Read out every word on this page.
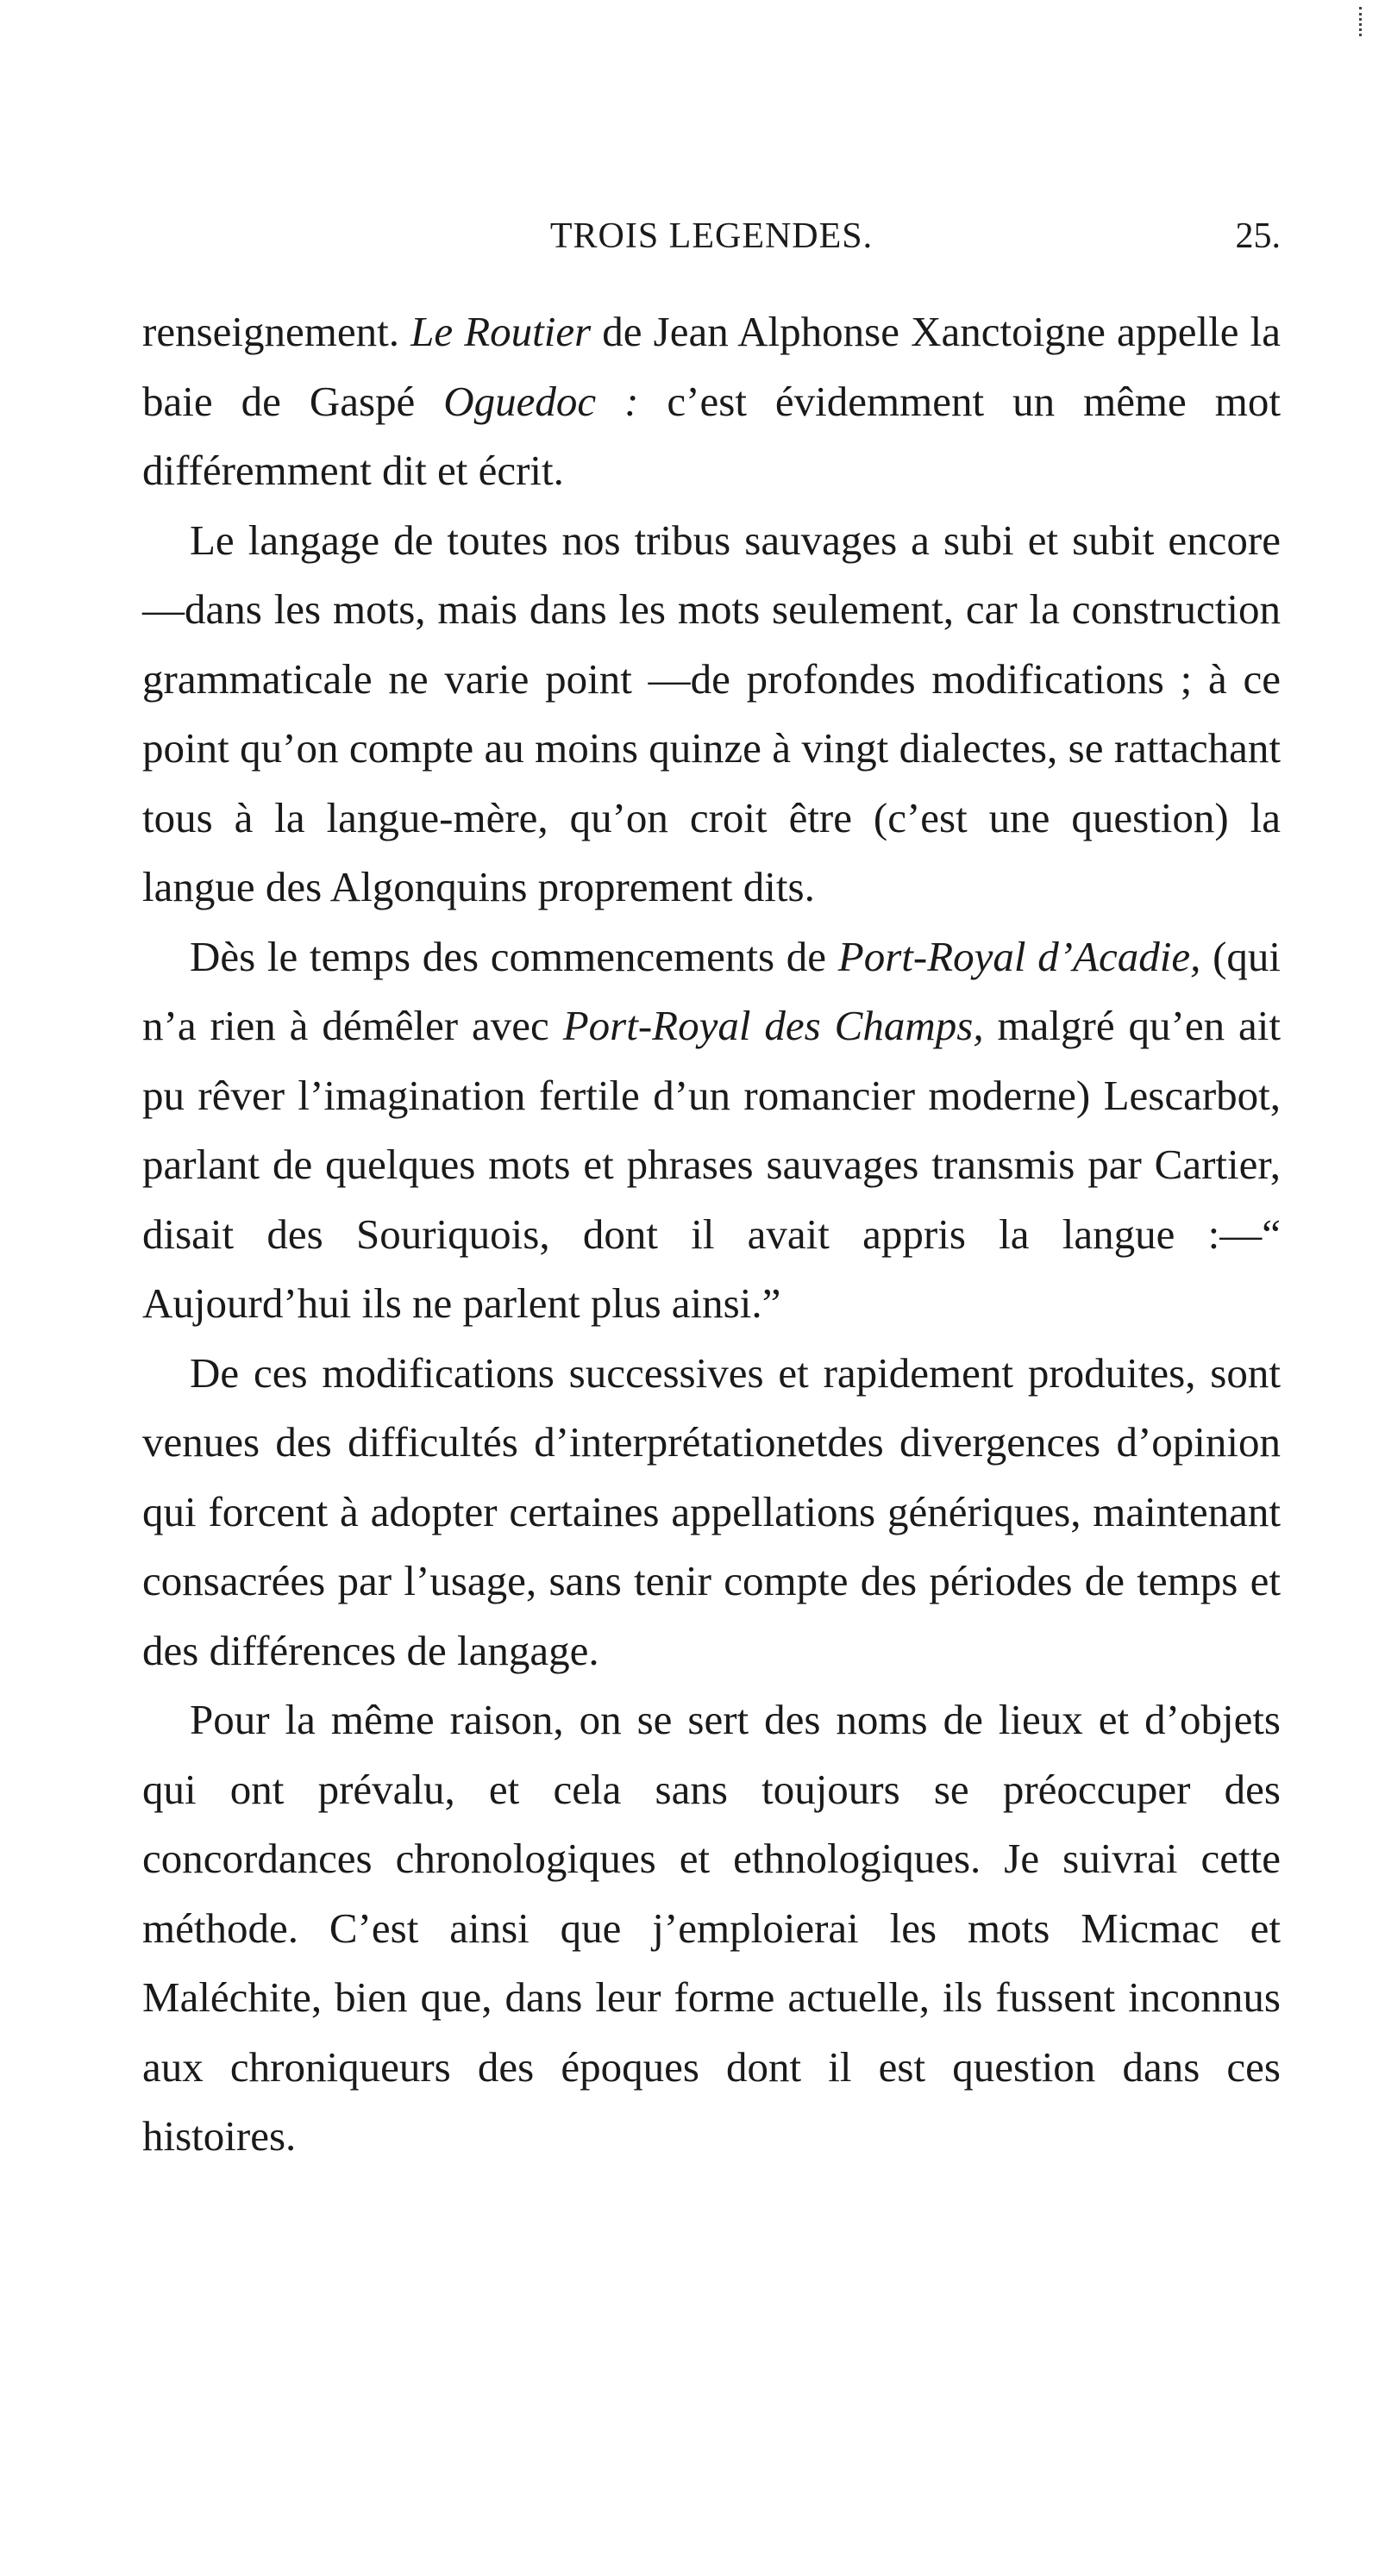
TROIS LEGENDES.	25.

renseignement. Le Routier de Jean Alphonse Xanctoigne appelle la baie de Gaspé Oguedoc : c’est évidemment un même mot différemment dit et écrit.

Le langage de toutes nos tribus sauvages a subi et subit encore—dans les mots, mais dans les mots seulement, car la construction grammaticale ne varie point —de profondes modifications ; à ce point qu’on compte au moins quinze à vingt dialectes, se rattachant tous à la langue-mère, qu’on croit être (c’est une question) la langue des Algonquins proprement dits.

Dès le temps des commencements de Port-Royal d’Acadie, (qui n’a rien à démêler avec Port-Royal des Champs, malgré qu’en ait pu rêver l’imagination fertile d’un romancier moderne) Lescarbot, parlant de quelques mots et phrases sauvages transmis par Cartier, disait des Souriquois, dont il avait appris la langue :—“ Aujourd’hui ils ne parlent plus ainsi.”

De ces modifications successives et rapidement produites, sont venues des difficultés d’interprétationetdes divergences d’opinion qui forcent à adopter certaines appellations génériques, maintenant consacrées par l’usage, sans tenir compte des périodes de temps et des différences de langage.

Pour la même raison, on se sert des noms de lieux et d’objets qui ont prévalu, et cela sans toujours se préoccuper des concordances chronologiques et ethnologiques. Je suivrai cette méthode. C’est ainsi que j’emploierai les mots Micmac et Maléchite, bien que, dans leur forme actuelle, ils fussent inconnus aux chroniqueurs des époques dont il est question dans ces histoires.
